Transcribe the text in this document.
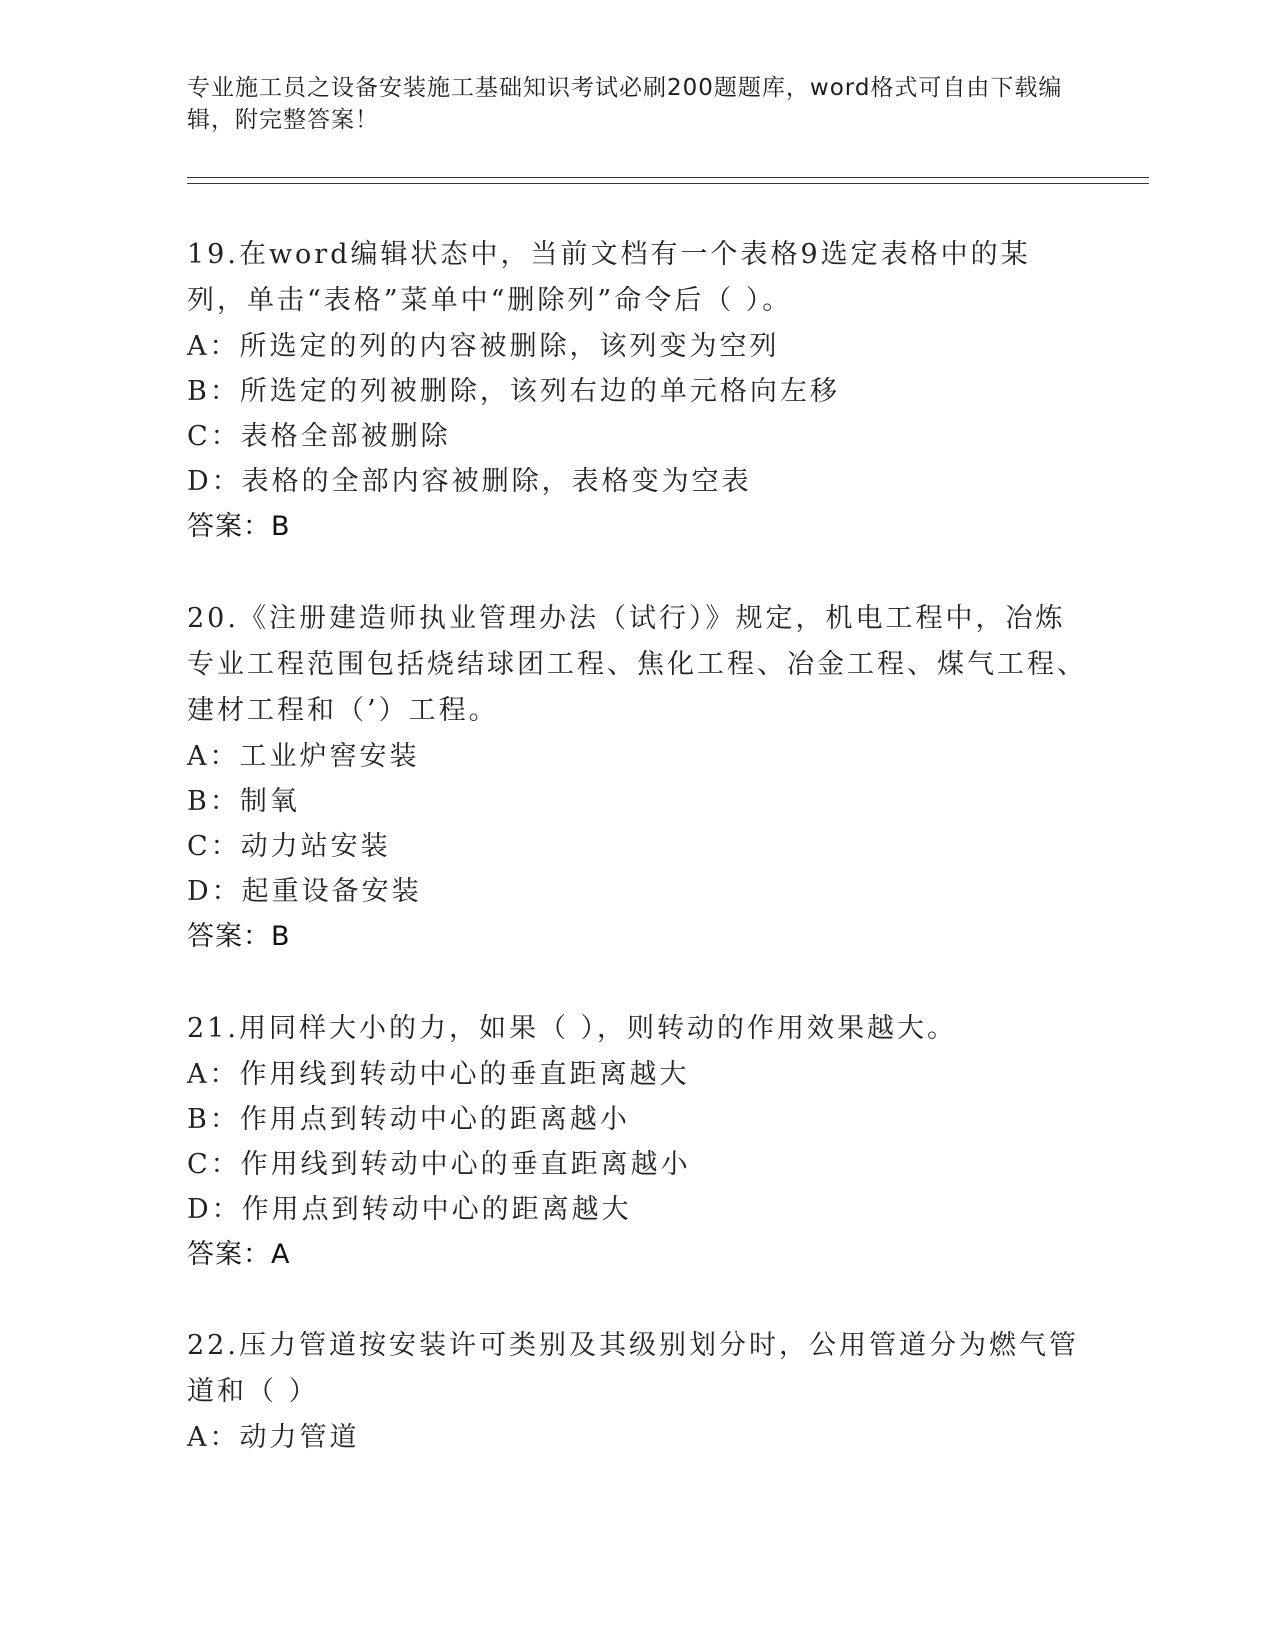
专业施工员之设备安装施工基础知识考试必刷200题题库，word格式可自由下载编辑，附完整答案！

19.在word编辑状态中，当前文档有一个表格9选定表格中的某列，单击“表格”菜单中“删除列”命令后（ ）。

A：所选定的列的内容被删除，该列变为空列

B：所选定的列被删除，该列右边的单元格向左移

C：表格全部被删除

D：表格的全部内容被删除，表格变为空表

答案：B

20.《注册建造师执业管理办法（试行）》规定，机电工程中，冶炼专业工程范围包括烧结球团工程、焦化工程、冶金工程、煤气工程、建材工程和（’）工程。

A：工业炉窖安装

B：制氧

C：动力站安装

D：起重设备安装

答案：B

21.用同样大小的力，如果（ ），则转动的作用效果越大。

A：作用线到转动中心的垂直距离越大

B：作用点到转动中心的距离越小

C：作用线到转动中心的垂直距离越小

D：作用点到转动中心的距离越大

答案：A

22.压力管道按安装许可类别及其级别划分时，公用管道分为燃气管道和（ ）

A：动力管道
